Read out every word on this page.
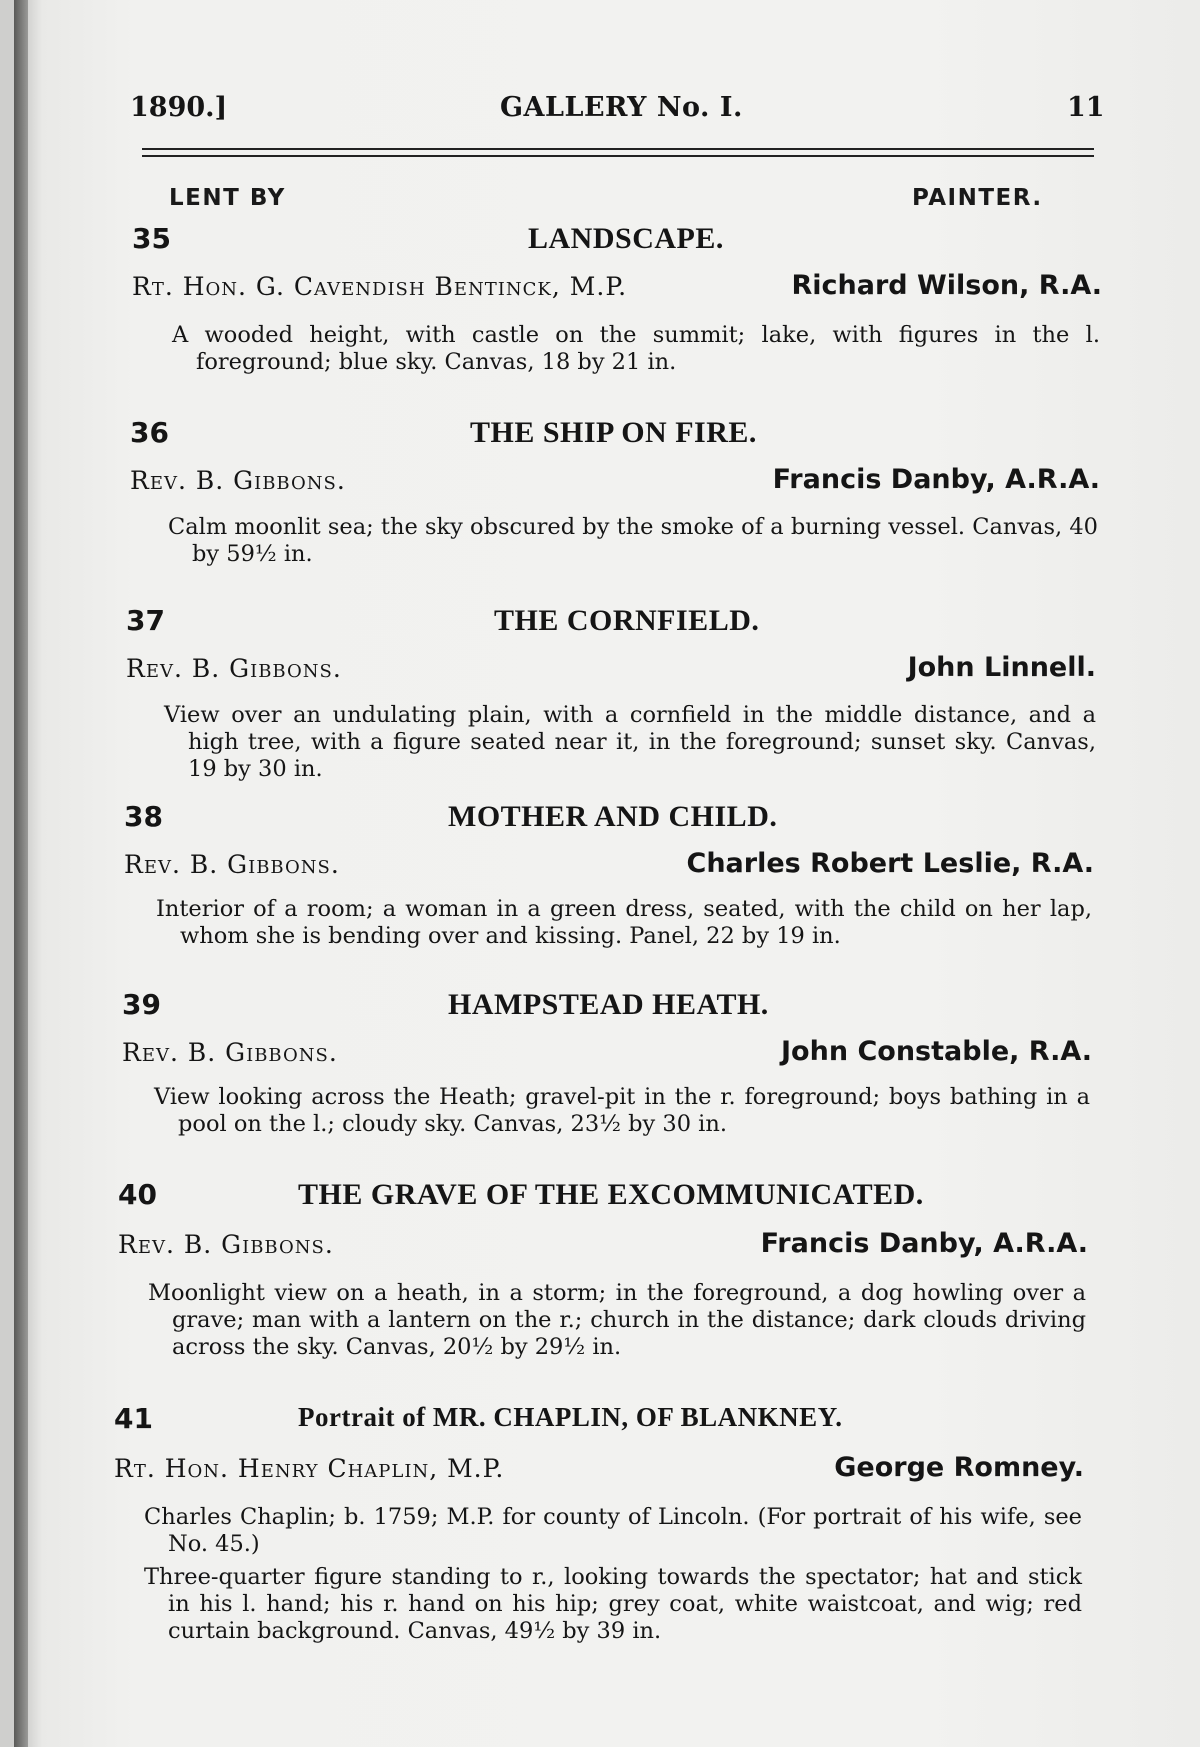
1890.]	GALLERY No. I.	11
LENT BY	PAINTER.
35	LANDSCAPE.
Rt. Hon. G. Cavendish Bentinck, M.P.	Richard Wilson, R.A.
A wooded height, with castle on the summit; lake, with figures in the l. foreground; blue sky. Canvas, 18 by 21 in.
36	THE SHIP ON FIRE.
Rev. B. Gibbons.	Francis Danby, A.R.A.
Calm moonlit sea; the sky obscured by the smoke of a burning vessel. Canvas, 40 by 59½ in.
37	THE CORNFIELD.
Rev. B. Gibbons.	John Linnell.
View over an undulating plain, with a cornfield in the middle distance, and a high tree, with a figure seated near it, in the foreground; sunset sky. Canvas, 19 by 30 in.
38	MOTHER AND CHILD.
Rev. B. Gibbons.	Charles Robert Leslie, R.A.
Interior of a room; a woman in a green dress, seated, with the child on her lap, whom she is bending over and kissing. Panel, 22 by 19 in.
39	HAMPSTEAD HEATH.
Rev. B. Gibbons.	John Constable, R.A.
View looking across the Heath; gravel-pit in the r. foreground; boys bathing in a pool on the l.; cloudy sky. Canvas, 23½ by 30 in.
40	THE GRAVE OF THE EXCOMMUNICATED.
Rev. B. Gibbons.	Francis Danby, A.R.A.
Moonlight view on a heath, in a storm; in the foreground, a dog howling over a grave; man with a lantern on the r.; church in the distance; dark clouds driving across the sky. Canvas, 20½ by 29½ in.
41	Portrait of MR. CHAPLIN, OF BLANKNEY.
Rt. Hon. Henry Chaplin, M.P.	George Romney.
Charles Chaplin; b. 1759; M.P. for county of Lincoln. (For portrait of his wife, see No. 45.)
Three-quarter figure standing to r., looking towards the spectator; hat and stick in his l. hand; his r. hand on his hip; grey coat, white waistcoat, and wig; red curtain background. Canvas, 49½ by 39 in.
